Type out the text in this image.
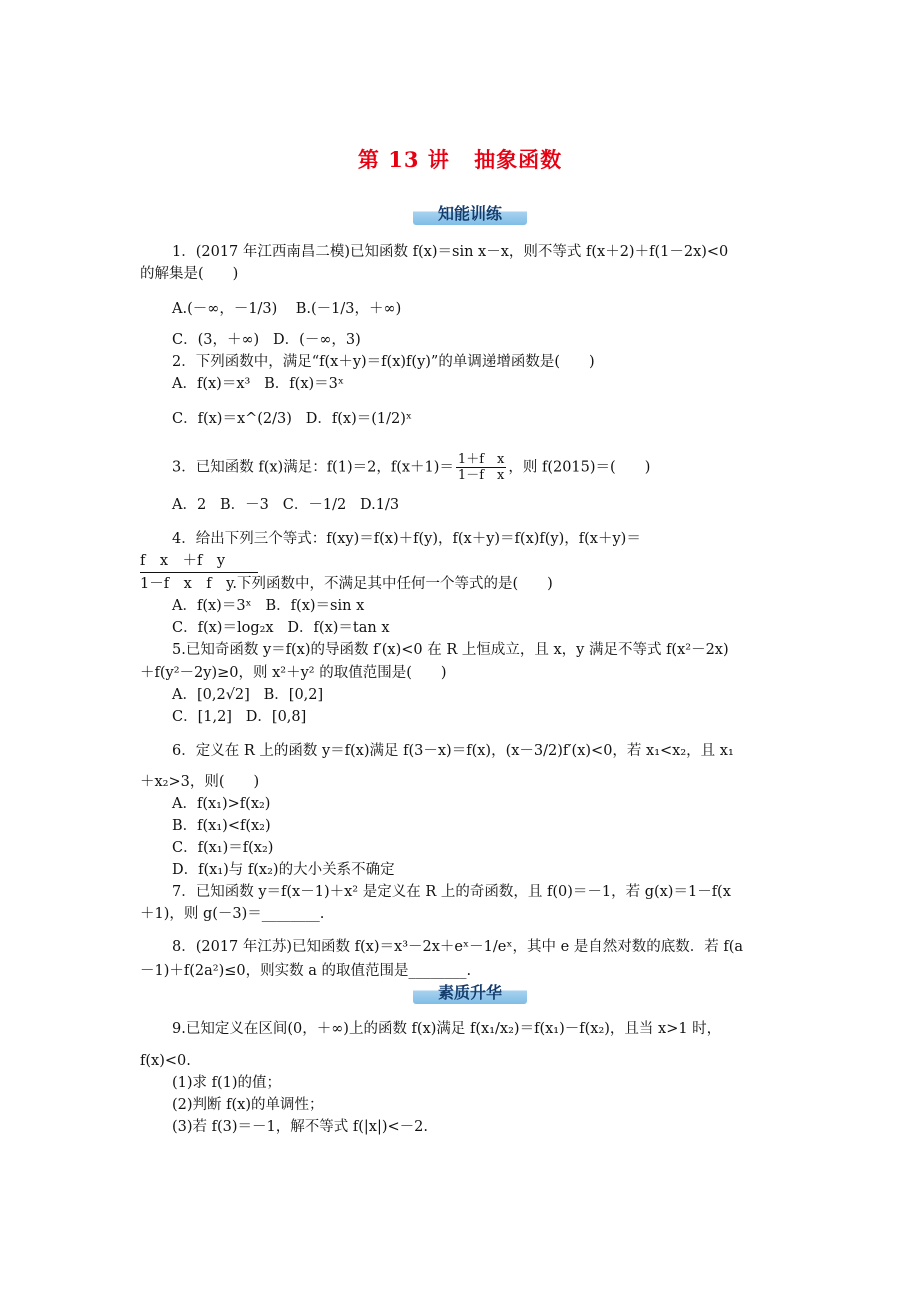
第 13 讲 抽象函数
知能训练
1．(2017 年江西南昌二模)已知函数 f(x)＝sin x－x，则不等式 f(x＋2)＋f(1－2x)<0
的解集是(　　)
A.(－∞，－1/3) B.(－1/3，＋∞)
C．(3，＋∞) D．(－∞，3)
2．下列函数中，满足“f(x＋y)＝f(x)f(y)”的单调递增函数是(　　)
A．f(x)＝x³ B．f(x)＝3ˣ
C．f(x)＝x^(2/3) D．f(x)＝(1/2)ˣ
3．已知函数 f(x)满足：f(1)＝2，$f(x+1)= \frac{\text{1＋f　x}}{\text{1－f　x}}$ ，则 f(2015)＝(　　)
A．2 B．－3 C．－1/2 D.1/3
4．给出下列三个等式：f(xy)＝f(x)＋f(y)，f(x＋y)＝f(x)f(y)，f(x＋y)＝
f　x　＋f　y
1－f　x　f　y.下列函数中，不满足其中任何一个等式的是(　　)
A．f(x)＝3ˣ B．f(x)＝sin x
C．f(x)＝log₂x D．f(x)＝tan x
5.已知奇函数 y＝f(x)的导函数 f′(x)<0 在 R 上恒成立，且 x，y 满足不等式 f(x²－2x)
＋f(y²－2y)≥0，则 x²＋y² 的取值范围是(　　)
A．[0,2√2] B．[0,2]
C．[1,2] D．[0,8]
6．定义在 R 上的函数 y＝f(x)满足 f(3－x)＝f(x)，(x－3/2)f′(x)<0，若 x₁<x₂，且 x₁
＋x₂>3，则(　　)
A．f(x₁)>f(x₂)
B．f(x₁)<f(x₂)
C．f(x₁)＝f(x₂)
D．f(x₁)与 f(x₂)的大小关系不确定
7．已知函数 y＝f(x－1)＋x² 是定义在 R 上的奇函数，且 f(0)＝－1，若 g(x)＝1－f(x
＋1)，则 g(－3)＝________.
8．(2017 年江苏)已知函数 f(x)＝x³－2x＋eˣ－1/eˣ，其中 e 是自然对数的底数．若 f(a
－1)＋f(2a²)≤0，则实数 a 的取值范围是________.
素质升华
9.已知定义在区间(0，＋∞)上的函数 f(x)满足 f(x₁/x₂)＝f(x₁)－f(x₂)，且当 x>1 时，
f(x)<0.
(1)求 f(1)的值；
(2)判断 f(x)的单调性；
(3)若 f(3)＝－1，解不等式 f(|x|)<－2.
